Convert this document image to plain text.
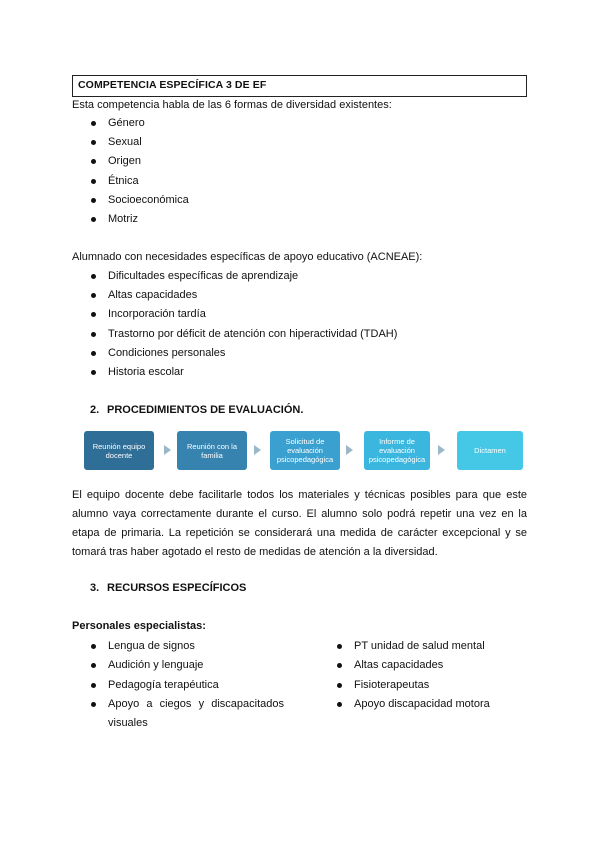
COMPETENCIA ESPECÍFICA 3 DE EF
Esta competencia habla de las 6 formas de diversidad existentes:
Género
Sexual
Origen
Étnica
Socioeconómica
Motriz
Alumnado con necesidades específicas de apoyo educativo (ACNEAE):
Dificultades específicas de aprendizaje
Altas capacidades
Incorporación tardía
Trastorno por déficit de atención con hiperactividad (TDAH)
Condiciones personales
Historia escolar
2. PROCEDIMIENTOS DE EVALUACIÓN.
Reunión equipo docente
Reunión con la familia
Solicitud de evaluación psicopedagógica
Informe de evaluación psicopedagógica
Dictamen
El equipo docente debe facilitarle todos los materiales y técnicas posibles para que este alumno vaya correctamente durante el curso. El alumno solo podrá repetir una vez en la etapa de primaria. La repetición se considerará una medida de carácter excepcional y se tomará tras haber agotado el resto de medidas de atención a la diversidad.
3. RECURSOS ESPECÍFICOS
Personales especialistas:
Lengua de signos
Audición y lenguaje
Pedagogía terapéutica
Apoyo a ciegos y discapacitados visuales
PT unidad de salud mental
Altas capacidades
Fisioterapeutas
Apoyo discapacidad motora
